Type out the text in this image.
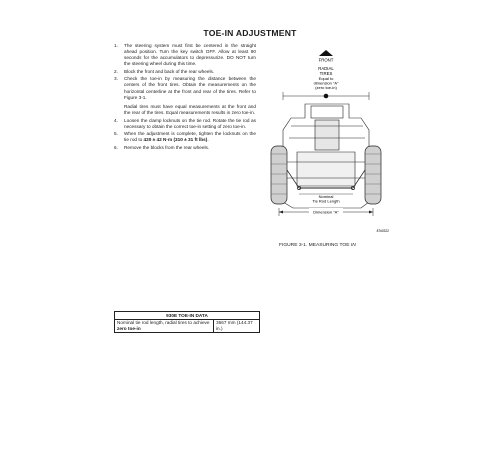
TOE-IN ADJUSTMENT
1. The steering system must first be centered in the straight ahead position. Turn the key switch OFF. Allow at least 90 seconds for the accumulators to depressurize. DO NOT turn the steering wheel during this time.
2. Block the front and back of the rear wheels.
3. Check the toe-in by measuring the distance between the centers of the front tires. Obtain the measurements on the horizontal centerline at the front and rear of the tires. Refer to Figure 3-1.

Radial tires must have equal measurements at the front and the rear of the tires. Equal measurements results in zero toe-in.

4. Loosen the clamp locknuts on the tie rod. Rotate the tie rod as necessary to obtain the correct toe-in setting of zero toe-in.
5. When the adjustment is complete, tighten the locknuts on the tie rod to 420 ± 42 N·m (310 ± 31 ft lbs).
6. Remove the blocks from the rear wheels.
930E TOE-IN DATA
Nominal tie rod length, radial tires to achieve zero toe-in	3667 mm (144.37 in.)
FRONT
RADIAL
TIRES
Equal to
dimension "A"
(zero toe-in)
Nominal
Tie Rod Length
Dimension "A"
87#0322
FIGURE 3-1. MEASURING TOE IN
